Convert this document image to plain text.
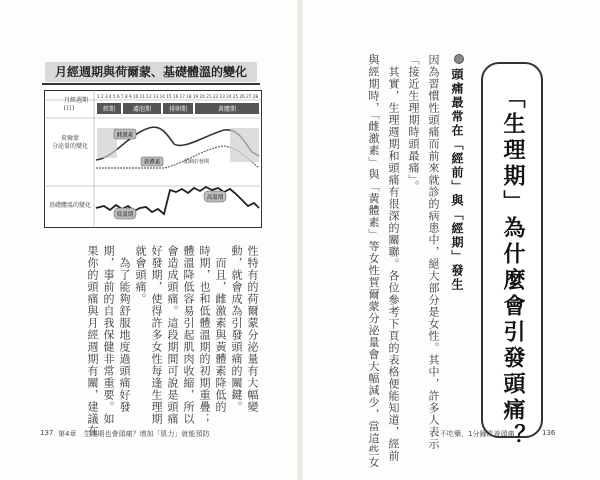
月經週期與荷爾蒙、基礎體溫的變化
月經週期
(日)
荷爾蒙
分泌量的變化
基礎體溫的變化
1 2 3 4 5 6 7 8 9 10 11 12 13 14 15 16 17 18 19 20 21 22 23 24 25 26 27 28
經期	濾泡期	排卵期	黃體期
雌激素
黃體素	頭痛好發期
低溫期
高溫期
性特有的荷爾蒙分泌量有大幅變
動，就會成為引發頭痛的關鍵。
　而且，雌激素與黃體素降低的
時期，也和低體溫期的初期重疊；
體溫降低容易引起肌肉收縮，所以
會造成頭痛。這段期間可說是頭痛
好發期，使得許多女性每逢生理期
就會頭痛。
　為了能夠舒服地度過頭痛好發
期，事前的自我保健非常重要。如
果你的頭痛與月經週期有關，建議在
137 第4章　生理期也會頭痛？增加「肌力」就能預防	「生理期」為什麼會引發頭痛？
頭痛最常在「經前」與「經期」發生
因為習慣性頭痛而前來就診的病患中，絕大部分是女性。其中，許多人表示
「接近生理期時頭最痛」。
　其實，生理週期和頭痛有很深的關聯。各位參考下頁的表格便能知道，經前
與經期時，「雌激素」與「黃體素」等女性賀爾蒙分泌量會大幅減少，當這些女	不吃藥，1分鐘改善頭痛	136
